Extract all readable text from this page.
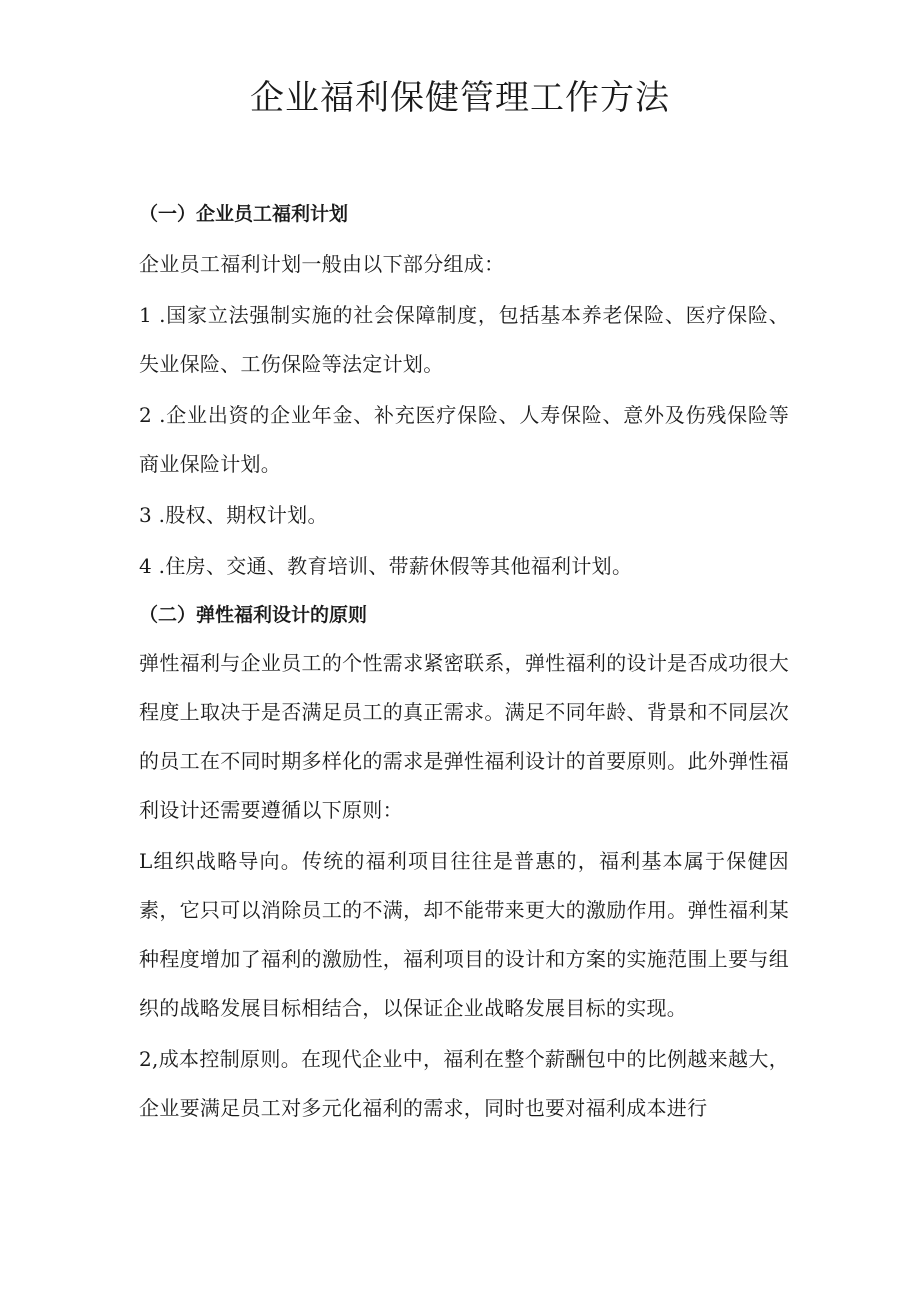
企业福利保健管理工作方法
（一）企业员工福利计划

企业员工福利计划一般由以下部分组成：

1 .国家立法强制实施的社会保障制度，包括基本养老保险、医疗保险、失业保险、工伤保险等法定计划。

2 .企业出资的企业年金、补充医疗保险、人寿保险、意外及伤残保险等商业保险计划。

3 .股权、期权计划。

4 .住房、交通、教育培训、带薪休假等其他福利计划。

（二）弹性福利设计的原则

弹性福利与企业员工的个性需求紧密联系，弹性福利的设计是否成功很大程度上取决于是否满足员工的真正需求。满足不同年龄、背景和不同层次的员工在不同时期多样化的需求是弹性福利设计的首要原则。此外弹性福利设计还需要遵循以下原则：

L组织战略导向。传统的福利项目往往是普惠的，福利基本属于保健因素，它只可以消除员工的不满，却不能带来更大的激励作用。弹性福利某种程度增加了福利的激励性，福利项目的设计和方案的实施范围上要与组织的战略发展目标相结合，以保证企业战略发展目标的实现。

2,成本控制原则。在现代企业中，福利在整个薪酬包中的比例越来越大，企业要满足员工对多元化福利的需求，同时也要对福利成本进行
